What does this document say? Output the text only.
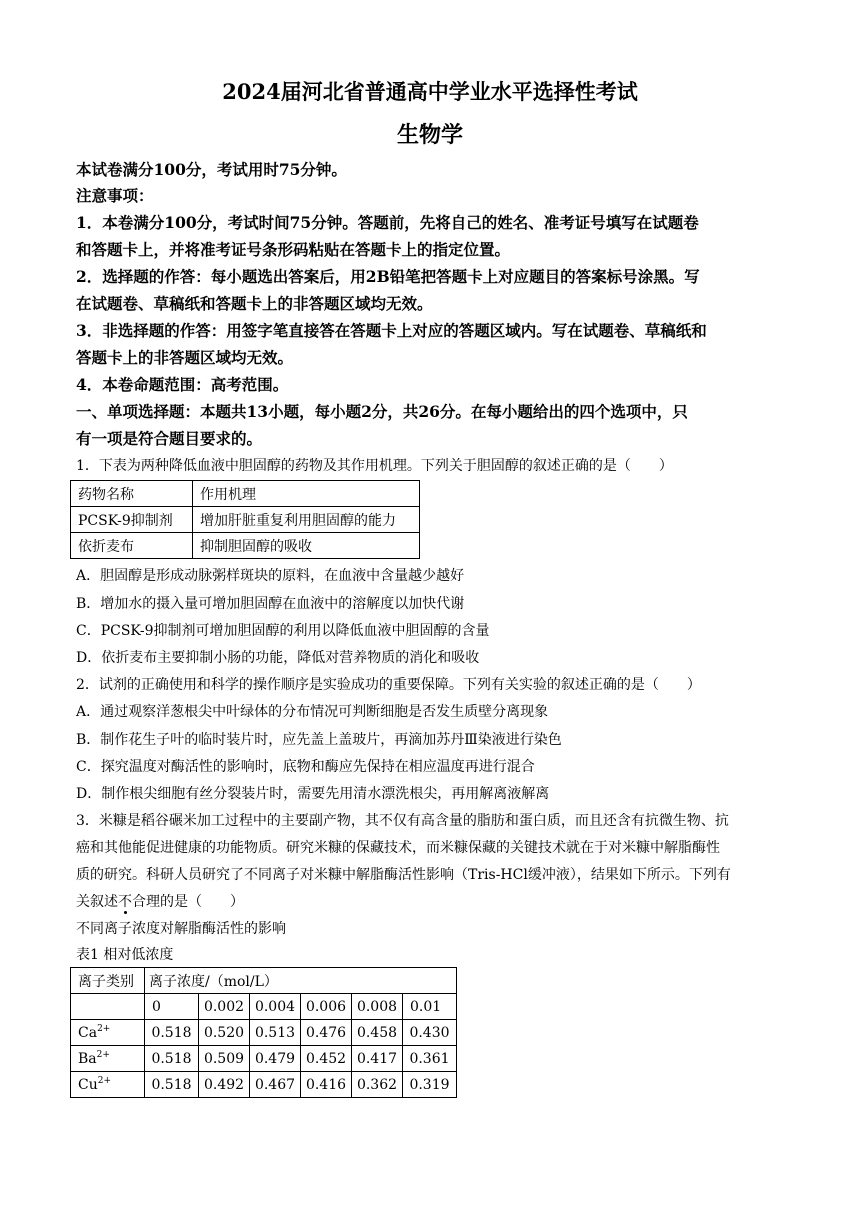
2024届河北省普通高中学业水平选择性考试
生物学
本试卷满分100分，考试用时75分钟。
注意事项：
1．本卷满分100分，考试时间75分钟。答题前，先将自己的姓名、准考证号填写在试题卷
和答题卡上，并将准考证号条形码粘贴在答题卡上的指定位置。
2．选择题的作答：每小题选出答案后，用2B铅笔把答题卡上对应题目的答案标号涂黑。写
在试题卷、草稿纸和答题卡上的非答题区域均无效。
3．非选择题的作答：用签字笔直接答在答题卡上对应的答题区域内。写在试题卷、草稿纸和
答题卡上的非答题区域均无效。
4．本卷命题范围：高考范围。
一、单项选择题：本题共13小题，每小题2分，共26分。在每小题给出的四个选项中，只
有一项是符合题目要求的。
1．下表为两种降低血液中胆固醇的药物及其作用机理。下列关于胆固醇的叙述正确的是（　　）
药物名称	作用机理
PCSK-9抑制剂	增加肝脏重复利用胆固醇的能力
依折麦布	抑制胆固醇的吸收
A．胆固醇是形成动脉粥样斑块的原料，在血液中含量越少越好
B．增加水的摄入量可增加胆固醇在血液中的溶解度以加快代谢
C．PCSK-9抑制剂可增加胆固醇的利用以降低血液中胆固醇的含量
D．依折麦布主要抑制小肠的功能，降低对营养物质的消化和吸收
2．试剂的正确使用和科学的操作顺序是实验成功的重要保障。下列有关实验的叙述正确的是（　　）
A．通过观察洋葱根尖中叶绿体的分布情况可判断细胞是否发生质壁分离现象
B．制作花生子叶的临时装片时，应先盖上盖玻片，再滴加苏丹Ⅲ染液进行染色
C．探究温度对酶活性的影响时，底物和酶应先保持在相应温度再进行混合
D．制作根尖细胞有丝分裂装片时，需要先用清水漂洗根尖，再用解离液解离
3．米糠是稻谷碾米加工过程中的主要副产物，其不仅有高含量的脂肪和蛋白质，而且还含有抗微生物、抗
癌和其他能促进健康的功能物质。研究米糠的保藏技术，而米糠保藏的关键技术就在于对米糠中解脂酶性
质的研究。科研人员研究了不同离子对米糠中解脂酶活性影响（Tris-HCl缓冲液），结果如下所示。下列有
关叙述不合理的是（　　）
不同离子浓度对解脂酶活性的影响
表1 相对低浓度
离子类别	离子浓度/（mol/L）					
	0	0.002	0.004	0.006	0.008	0.01
$Ca^{2+}$	0.518	0.520	0.513	0.476	0.458	0.430
$Ba^{2+}$	0.518	0.509	0.479	0.452	0.417	0.361
$Cu^{2+}$	0.518	0.492	0.467	0.416	0.362	0.319
